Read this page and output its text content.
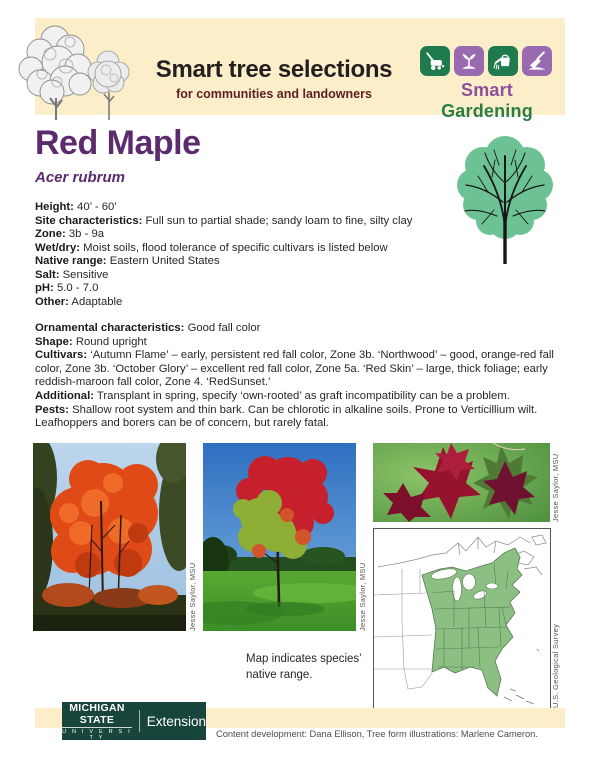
Smart tree selections
for communities and landowners	Smart Gardening
Red Maple
Acer rubrum
Height: 40’ - 60’
Site characteristics: Full sun to partial shade; sandy loam to fine, silty clay
Zone: 3b - 9a
Wet/dry: Moist soils, flood tolerance of specific cultivars is listed below
Native range: Eastern United States
Salt: Sensitive
pH: 5.0 - 7.0
Other: Adaptable
Ornamental characteristics: Good fall color
Shape: Round upright
Cultivars: ‘Autumn Flame’ – early, persistent red fall color, Zone 3b. ‘Northwood’ – good, orange-red fall color, Zone 3b. ‘October Glory’ – excellent red fall color, Zone 5a. ‘Red Skin’ – large, thick foliage; early reddish-maroon fall color, Zone 4. ‘RedSunset.’
Additional: Transplant in spring, specify ‘own-rooted’ as graft incompatibility can be a problem.
Pests: Shallow root system and thin bark. Can be chlorotic in alkaline soils. Prone to Verticillium wilt. Leafhoppers and borers can be of concern, but rarely fatal.
Jesse Saylor, MSU	Jesse Saylor, MSU
Jesse Saylor, MSU
U.S. Geological Survey
Map indicates species’
native range.
MICHIGAN STATE
U N I V E R S I T Y
Extension
Content development: Dana Ellison, Tree form illustrations: Marlene Cameron.
